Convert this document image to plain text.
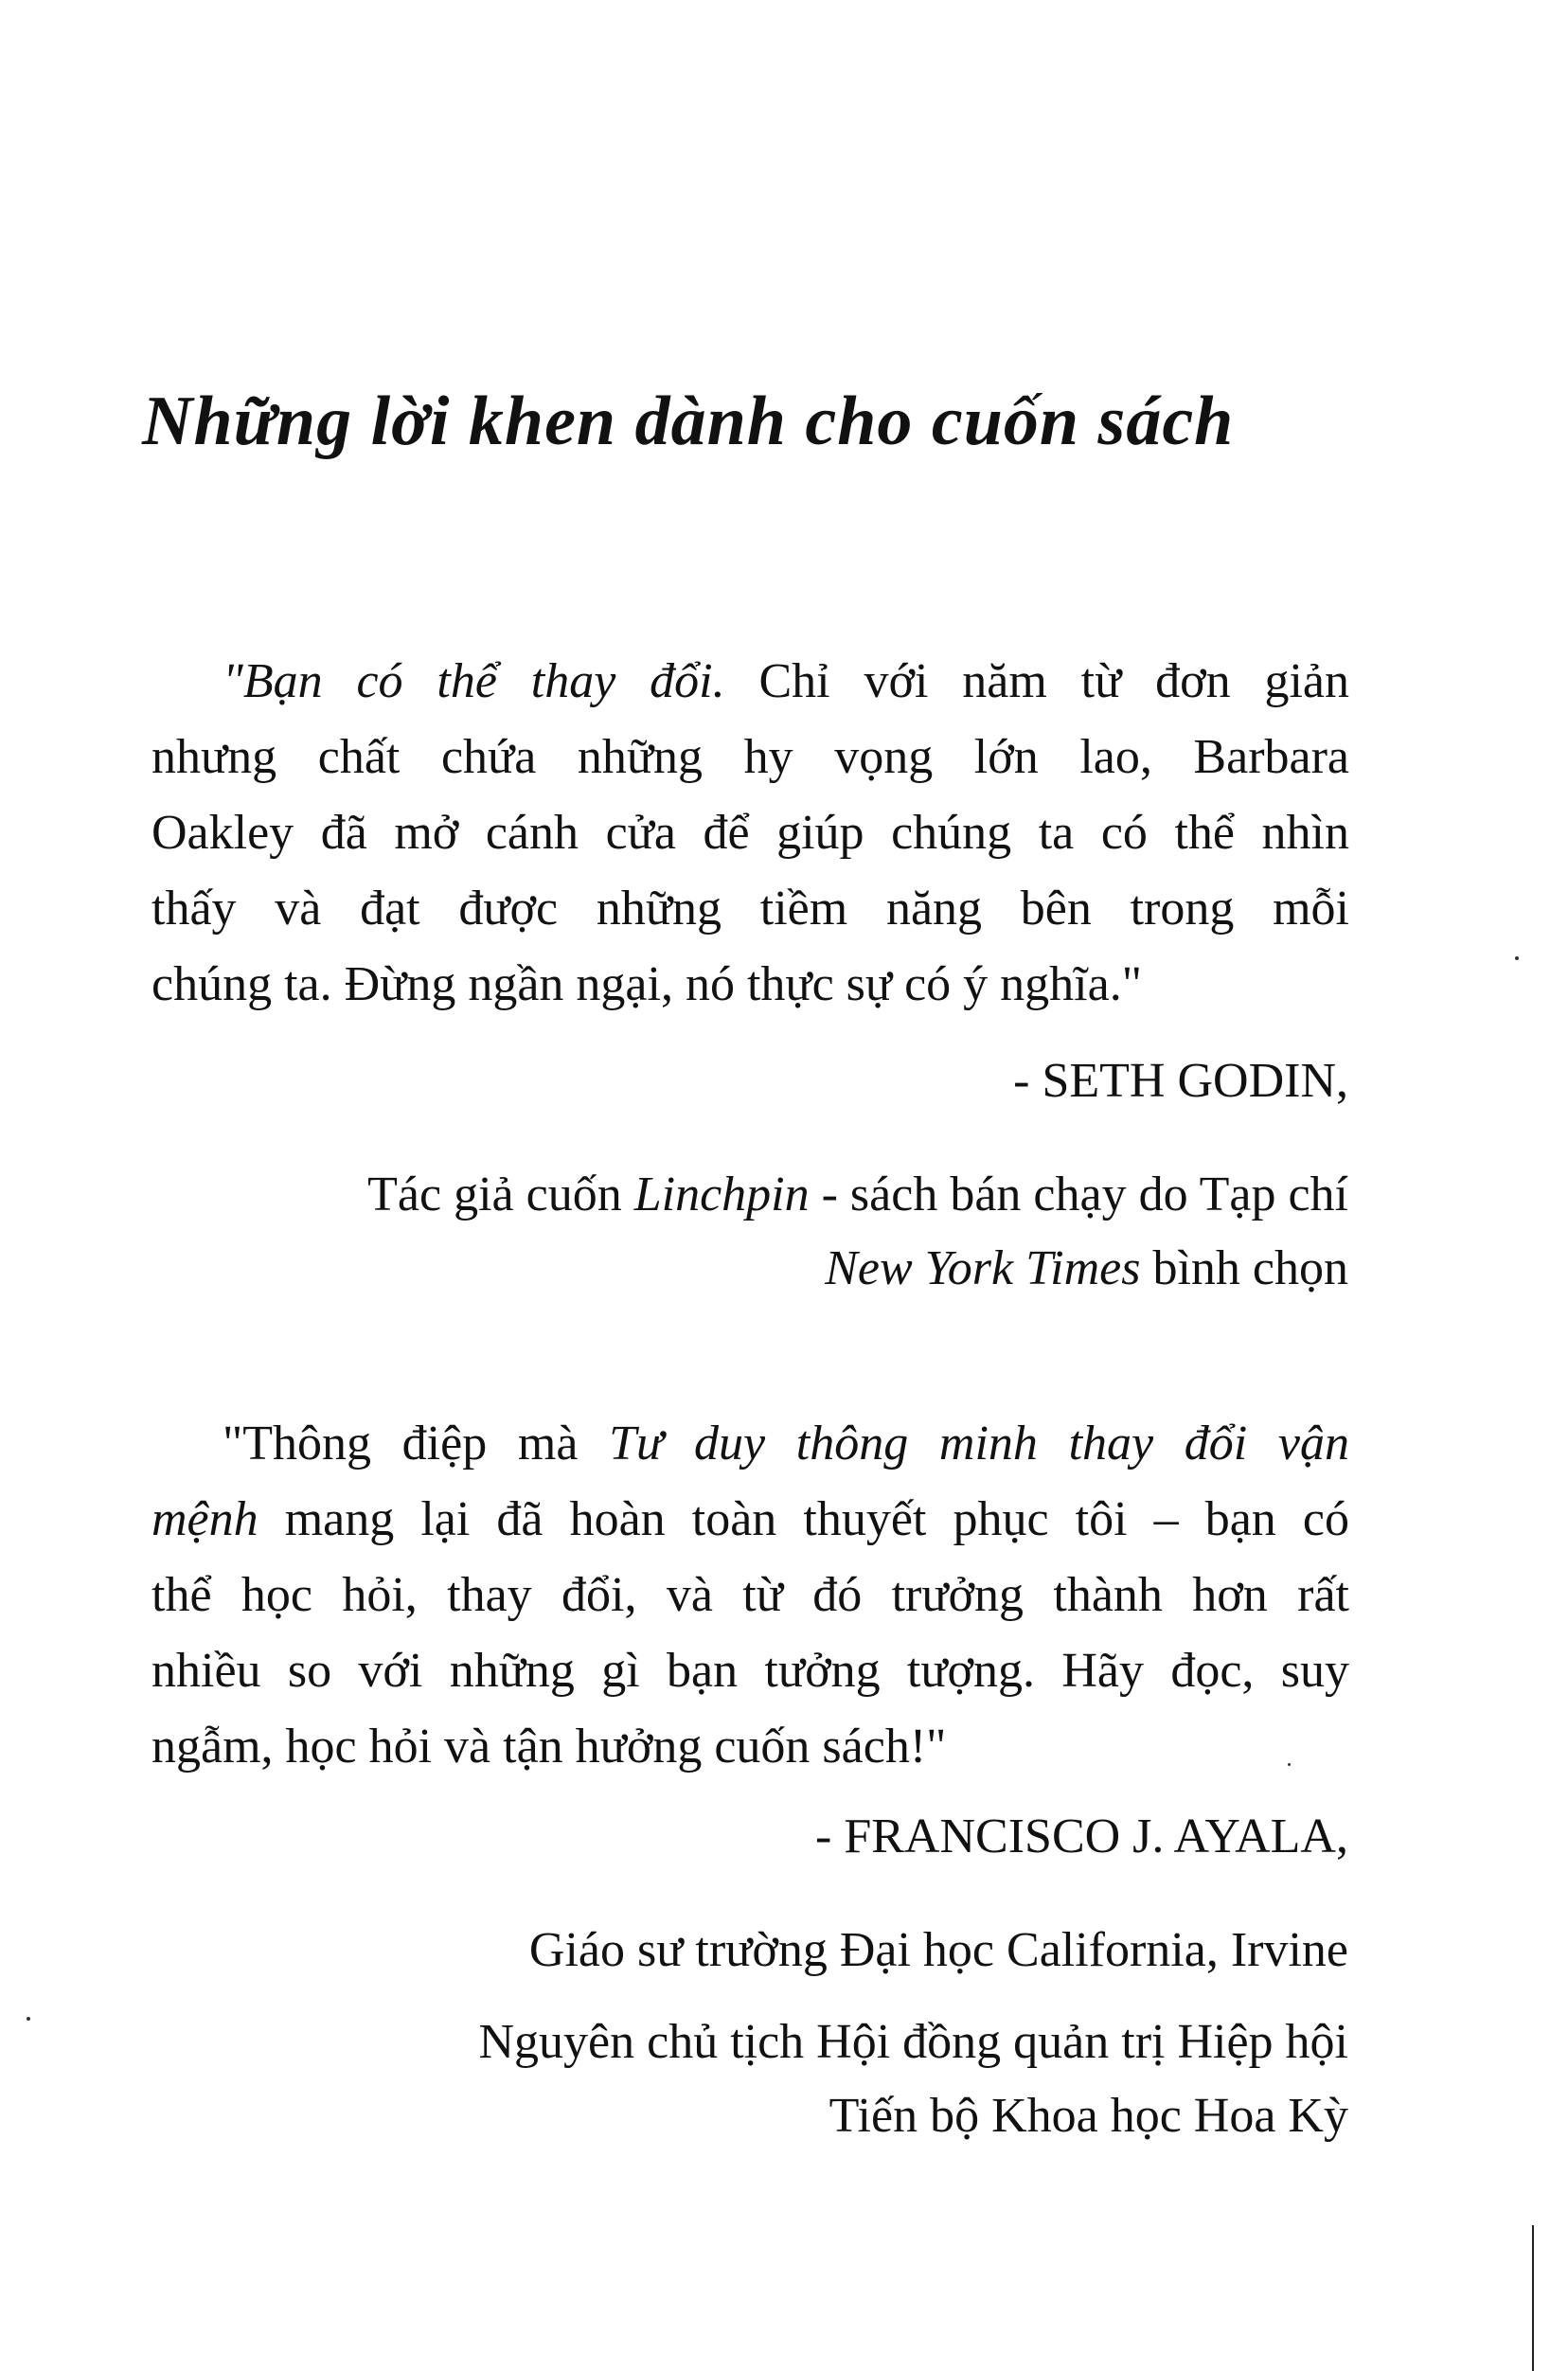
Những lời khen dành cho cuốn sách
"Bạn có thể thay đổi. Chỉ với năm từ đơn giản
nhưng chất chứa những hy vọng lớn lao, Barbara
Oakley đã mở cánh cửa để giúp chúng ta có thể nhìn
thấy và đạt được những tiềm năng bên trong mỗi
chúng ta. Đừng ngần ngại, nó thực sự có ý nghĩa."
- SETH GODIN,
Tác giả cuốn Linchpin - sách bán chạy do Tạp chí
New York Times bình chọn
"Thông điệp mà Tư duy thông minh thay đổi vận
mệnh mang lại đã hoàn toàn thuyết phục tôi – bạn có
thể học hỏi, thay đổi, và từ đó trưởng thành hơn rất
nhiều so với những gì bạn tưởng tượng. Hãy đọc, suy
ngẫm, học hỏi và tận hưởng cuốn sách!"
- FRANCISCO J. AYALA,
Giáo sư trường Đại học California, Irvine
Nguyên chủ tịch Hội đồng quản trị Hiệp hội
Tiến bộ Khoa học Hoa Kỳ
